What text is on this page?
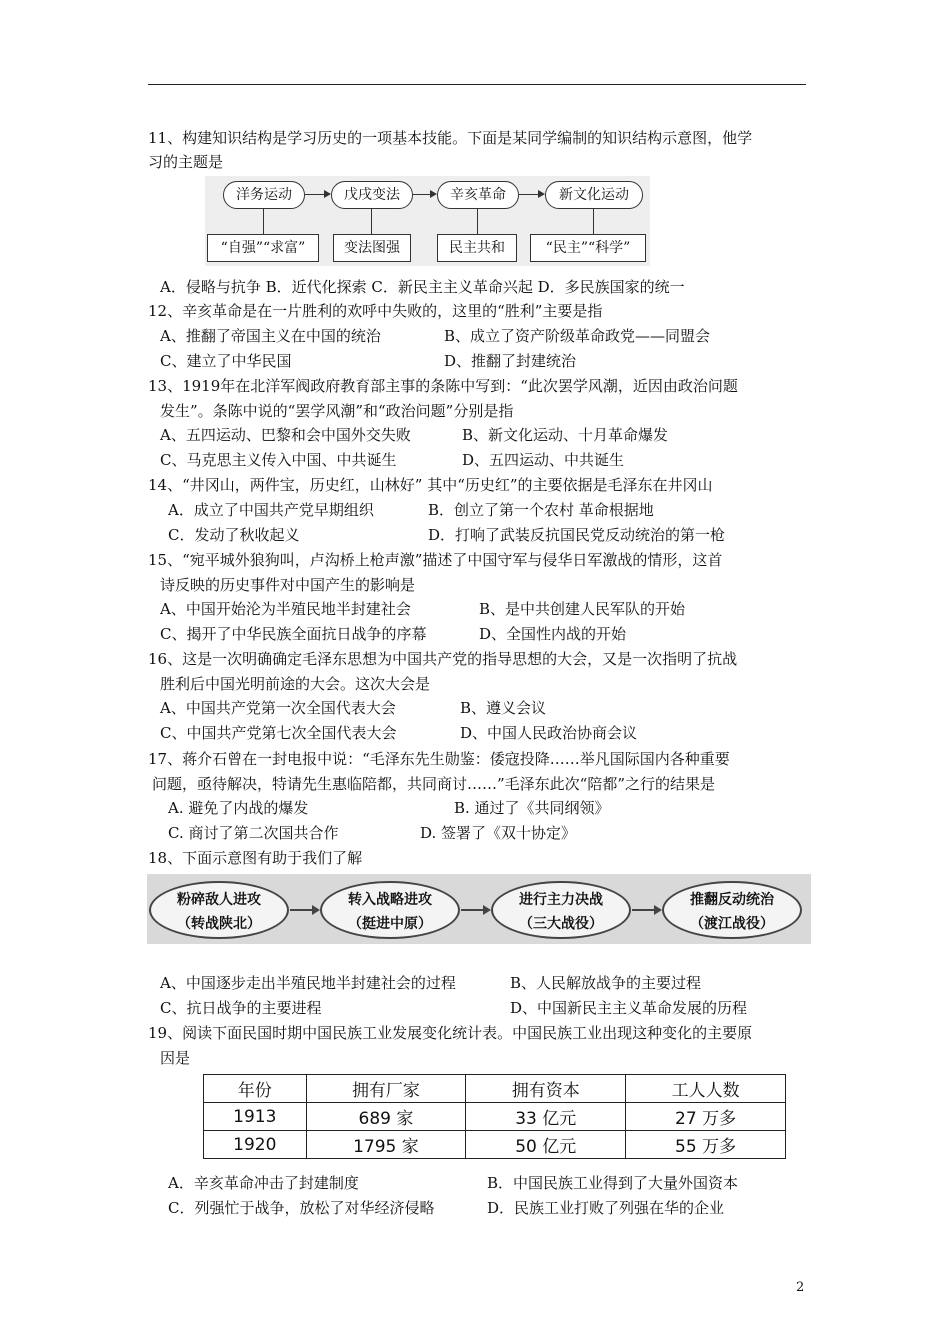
11、构建知识结构是学习历史的一项基本技能。下面是某同学编制的知识结构示意图，他学
习的主题是
洋务运动	戊戌变法	辛亥革命	新文化运动
“自强”“求富”	变法图强	民主共和	“民主”“科学”
A．侵略与抗争 B．近代化探索 C．新民主主义革命兴起 D．多民族国家的统一
12、辛亥革命是在一片胜利的欢呼中失败的，这里的“胜利”主要是指
A、推翻了帝国主义在中国的统治	B、成立了资产阶级革命政党——同盟会
C、建立了中华民国	D、推翻了封建统治
13、1919年在北洋军阀政府教育部主事的条陈中写到：“此次罢学风潮，近因由政治问题
发生”。条陈中说的“罢学风潮”和“政治问题”分别是指
A、五四运动、巴黎和会中国外交失败	B、新文化运动、十月革命爆发
C、马克思主义传入中国、中共诞生	D、五四运动、中共诞生
14、“井冈山，两件宝，历史红，山林好” 其中“历史红”的主要依据是毛泽东在井冈山
A．成立了中国共产党早期组织	B．创立了第一个农村 革命根据地
C．发动了秋收起义	D．打响了武装反抗国民党反动统治的第一枪
15、“宛平城外狼狗叫，卢沟桥上枪声激”描述了中国守军与侵华日军激战的情形，这首
诗反映的历史事件对中国产生的影响是
A、中国开始沦为半殖民地半封建社会	B、是中共创建人民军队的开始
C、揭开了中华民族全面抗日战争的序幕	D、全国性内战的开始
16、这是一次明确确定毛泽东思想为中国共产党的指导思想的大会，又是一次指明了抗战
胜利后中国光明前途的大会。这次大会是
A、中国共产党第一次全国代表大会	B、遵义会议
C、中国共产党第七次全国代表大会	D、中国人民政治协商会议
17、蒋介石曾在一封电报中说：“毛泽东先生勋鉴：倭寇投降……举凡国际国内各种重要
问题，亟待解决，特请先生惠临陪都，共同商讨……”毛泽东此次“陪都”之行的结果是
A. 避免了内战的爆发	B. 通过了《共同纲领》
C. 商讨了第二次国共合作	D. 签署了《双十协定》
18、下面示意图有助于我们了解
粉碎敌人进攻
（转战陕北）
转入战略进攻
（挺进中原）
进行主力决战
（三大战役）
推翻反动统治
（渡江战役）
A、中国逐步走出半殖民地半封建社会的过程	B、人民解放战争的主要过程
C、抗日战争的主要进程	D、中国新民主主义革命发展的历程
19、阅读下面民国时期中国民族工业发展变化统计表。中国民族工业出现这种变化的主要原
因是
年份	拥有厂家	拥有资本	工人人数
1913	689 家	33 亿元	27 万多
1920	1795 家	50 亿元	55 万多
A．辛亥革命冲击了封建制度	B．中国民族工业得到了大量外国资本
C．列强忙于战争，放松了对华经济侵略	D．民族工业打败了列强在华的企业
2
